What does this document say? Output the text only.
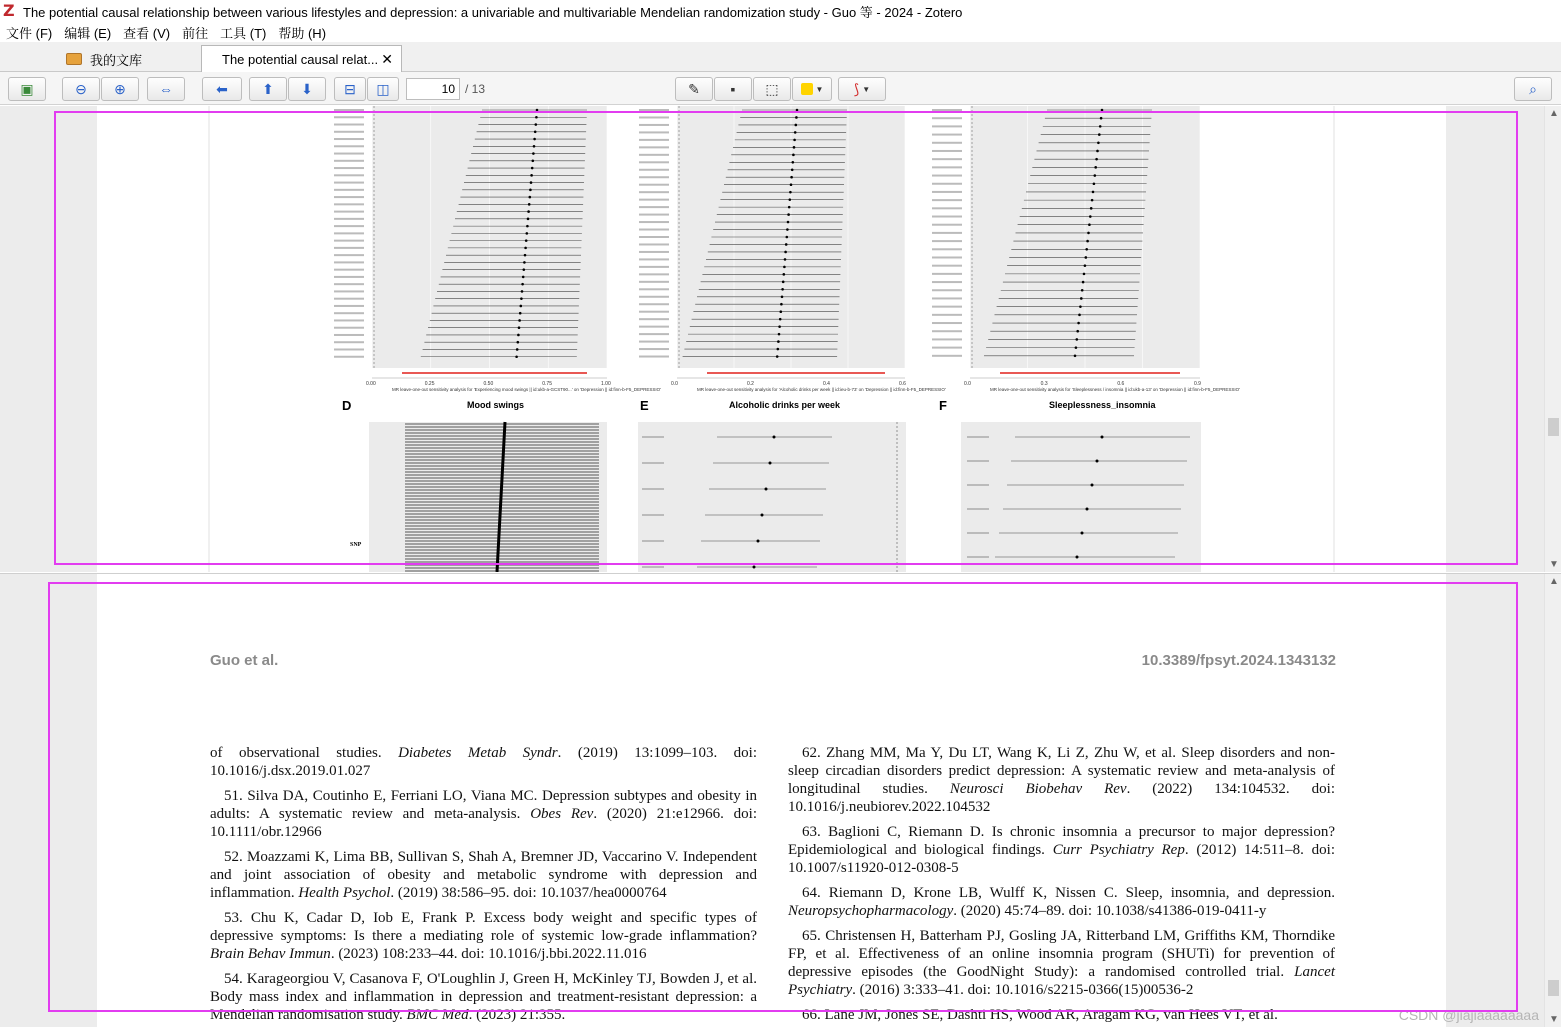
Z The potential causal relationship between various lifestyles and depression: a univariable and multivariable Mendelian randomization study - Guo 等 - 2024 - Zotero
文件 (F) 编辑 (E) 查看 (V) 前往 工具 (T) 帮助 (H)
我的文库	The potential causal relat... ✕
▣	⊖ ⊕ ⇔	⬅ ⬆ ⬇ ⊟ ◫	10 / 13	✎ ▪ ⬚	▼ ⟆ ▼	⌕
0.00	0.25	0.50	0.75	1.00
MR leave-one-out sensitivity analysis for 'Experiencing mood swings || id:ukb-a-GCST90...' on 'Depression || id:finn-b-F5_DEPRESSIO'
0.0	0.2	0.4	0.6
MR leave-one-out sensitivity analysis for 'Alcoholic drinks per week || id:ieu-b-73' on 'Depression || id:finn-b-F5_DEPRESSIO'
0.0	0.3	0.6	0.9
MR leave-one-out sensitivity analysis for 'Sleeplessness / insomnia || id:ukb-a-13' on 'Depression || id:finn-b-F5_DEPRESSIO'
D	Mood swings	E	Alcoholic drinks per week	F	Sleeplessness_insomnia
SNP
▲
▼
Guo et al.	10.3389/fpsyt.2024.1343132

of observational studies. Diabetes Metab Syndr. (2019) 13:1099–103. doi: 10.1016/j.dsx.2019.01.027

51. Silva DA, Coutinho E, Ferriani LO, Viana MC. Depression subtypes and obesity in adults: A systematic review and meta-analysis. Obes Rev. (2020) 21:e12966. doi: 10.1111/obr.12966

52. Moazzami K, Lima BB, Sullivan S, Shah A, Bremner JD, Vaccarino V. Independent and joint association of obesity and metabolic syndrome with depression and inflammation. Health Psychol. (2019) 38:586–95. doi: 10.1037/hea0000764

53. Chu K, Cadar D, Iob E, Frank P. Excess body weight and specific types of depressive symptoms: Is there a mediating role of systemic low-grade inflammation? Brain Behav Immun. (2023) 108:233–44. doi: 10.1016/j.bbi.2022.11.016

54. Karageorgiou V, Casanova F, O'Loughlin J, Green H, McKinley TJ, Bowden J, et al. Body mass index and inflammation in depression and treatment-resistant depression: a Mendelian randomisation study. BMC Med. (2023) 21:355.

62. Zhang MM, Ma Y, Du LT, Wang K, Li Z, Zhu W, et al. Sleep disorders and non-sleep circadian disorders predict depression: A systematic review and meta-analysis of longitudinal studies. Neurosci Biobehav Rev. (2022) 134:104532. doi: 10.1016/j.neubiorev.2022.104532

63. Baglioni C, Riemann D. Is chronic insomnia a precursor to major depression? Epidemiological and biological findings. Curr Psychiatry Rep. (2012) 14:511–8. doi: 10.1007/s11920-012-0308-5

64. Riemann D, Krone LB, Wulff K, Nissen C. Sleep, insomnia, and depression. Neuropsychopharmacology. (2020) 45:74–89. doi: 10.1038/s41386-019-0411-y

65. Christensen H, Batterham PJ, Gosling JA, Ritterband LM, Griffiths KM, Thorndike FP, et al. Effectiveness of an online insomnia program (SHUTi) for prevention of depressive episodes (the GoodNight Study): a randomised controlled trial. Lancet Psychiatry. (2016) 3:333–41. doi: 10.1016/s2215-0366(15)00536-2

66. Lane JM, Jones SE, Dashti HS, Wood AR, Aragam KG, van Hees VT, et al.

▲
▼
CSDN @jiajiaaaaaaaa
